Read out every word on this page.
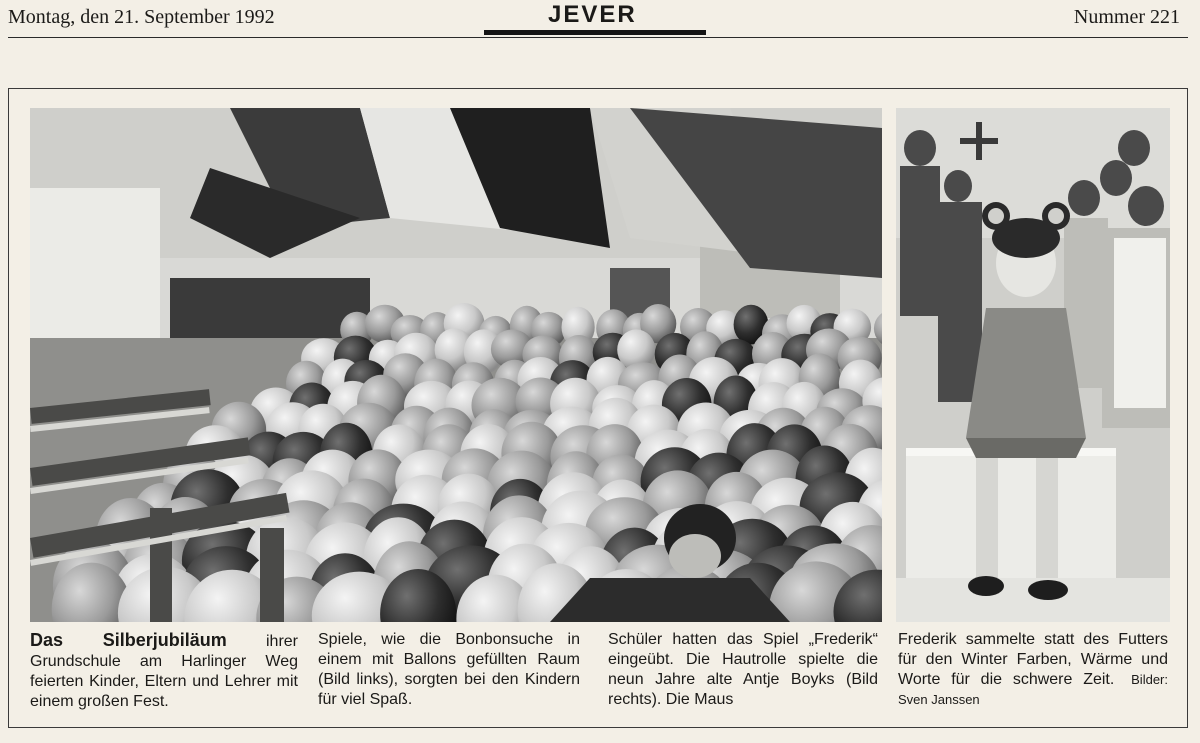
Montag, den 21. September 1992	JEVER	Nummer 221
Das Silberjubiläum ihrer Grundschule am Harlinger Weg feierten Kinder, Eltern und Lehrer mit einem großen Fest.
Spiele, wie die Bonbonsuche in einem mit Ballons gefüllten Raum (Bild links), sorgten bei den Kindern für viel Spaß.
Schüler hatten das Spiel „Frederik“ eingeübt. Die Hautrolle spielte die neun Jahre alte Antje Boyks (Bild rechts). Die Maus
Frederik sammelte statt des Futters für den Winter Farben, Wärme und Worte für die schwere Zeit. Bilder: Sven Janssen
